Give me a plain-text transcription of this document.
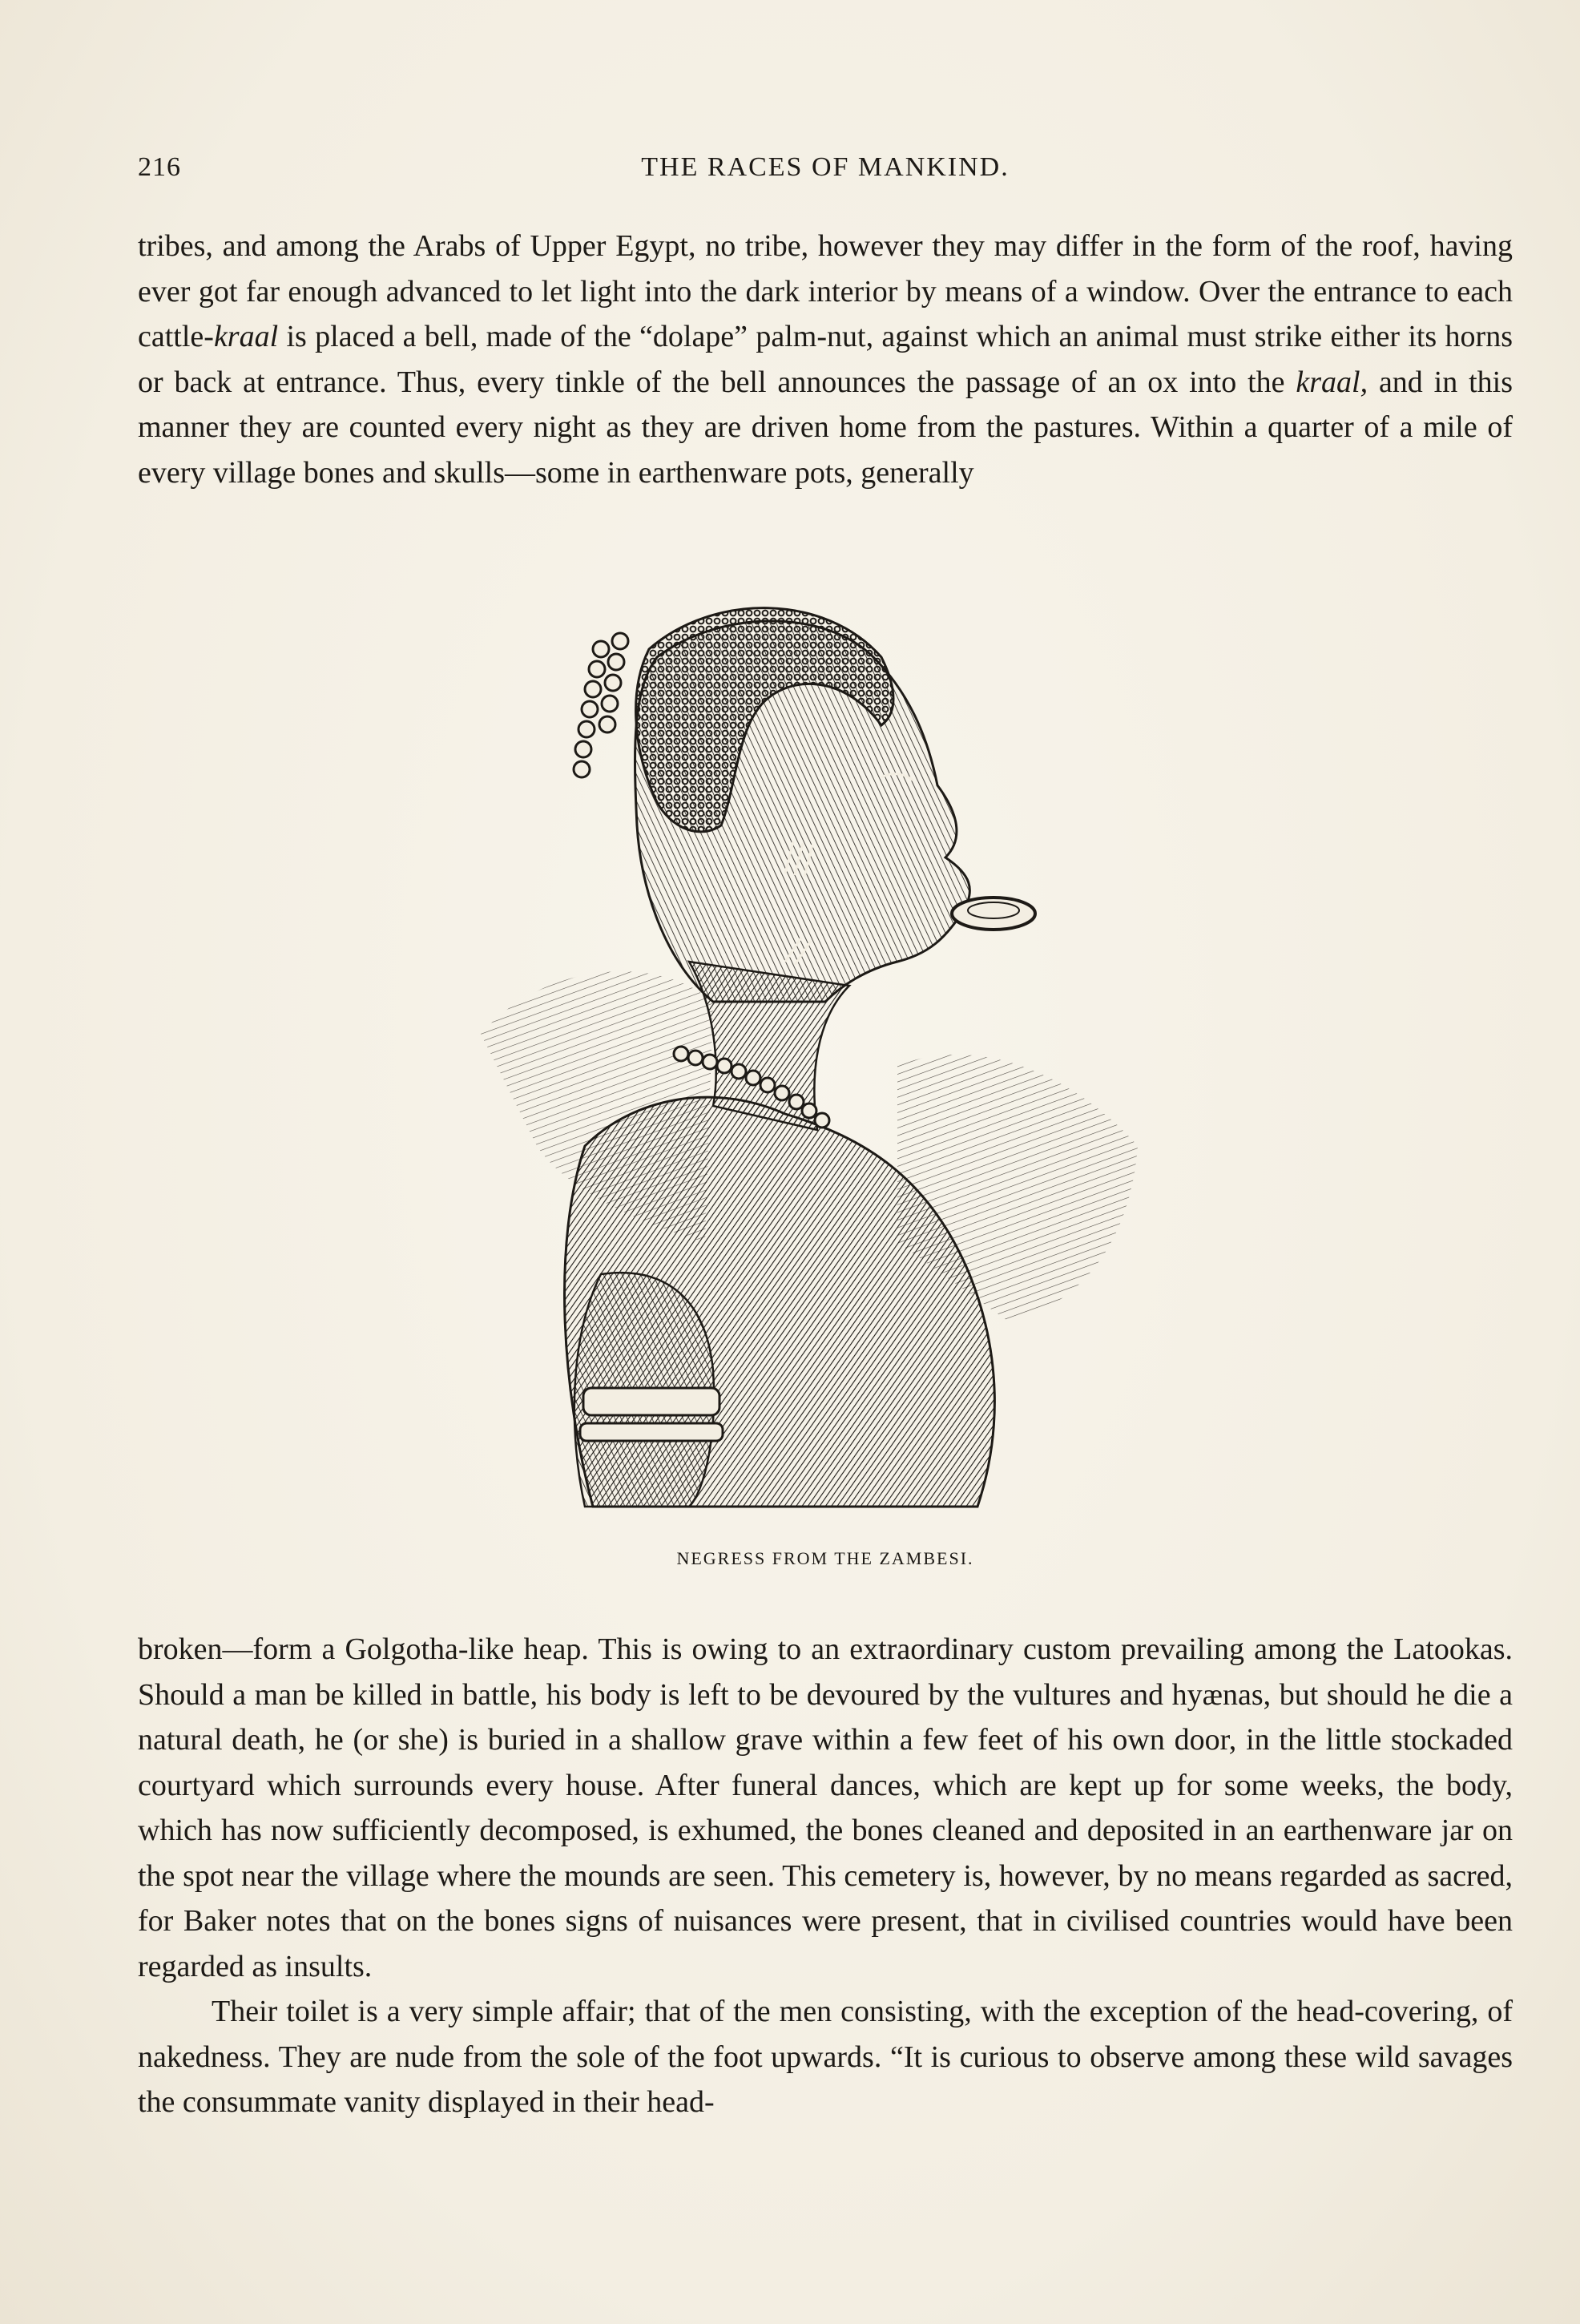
216	THE RACES OF MANKIND.

tribes, and among the Arabs of Upper Egypt, no tribe, however they may differ in the form of the roof, having ever got far enough advanced to let light into the dark interior by means of a window. Over the entrance to each cattle-kraal is placed a bell, made of the “dolape” palm-nut, against which an animal must strike either its horns or back at entrance. Thus, every tinkle of the bell announces the passage of an ox into the kraal, and in this manner they are counted every night as they are driven home from the pastures. Within a quarter of a mile of every village bones and skulls—some in earthenware pots, generally

NEGRESS FROM THE ZAMBESI.

broken—form a Golgotha-like heap. This is owing to an extraordinary custom prevailing among the Latookas. Should a man be killed in battle, his body is left to be devoured by the vultures and hyænas, but should he die a natural death, he (or she) is buried in a shallow grave within a few feet of his own door, in the little stockaded courtyard which surrounds every house. After funeral dances, which are kept up for some weeks, the body, which has now sufficiently decomposed, is exhumed, the bones cleaned and deposited in an earthenware jar on the spot near the village where the mounds are seen. This cemetery is, however, by no means regarded as sacred, for Baker notes that on the bones signs of nuisances were present, that in civilised countries would have been regarded as insults.

Their toilet is a very simple affair; that of the men consisting, with the exception of the head-covering, of nakedness. They are nude from the sole of the foot upwards. “It is curious to observe among these wild savages the consummate vanity displayed in their head-
